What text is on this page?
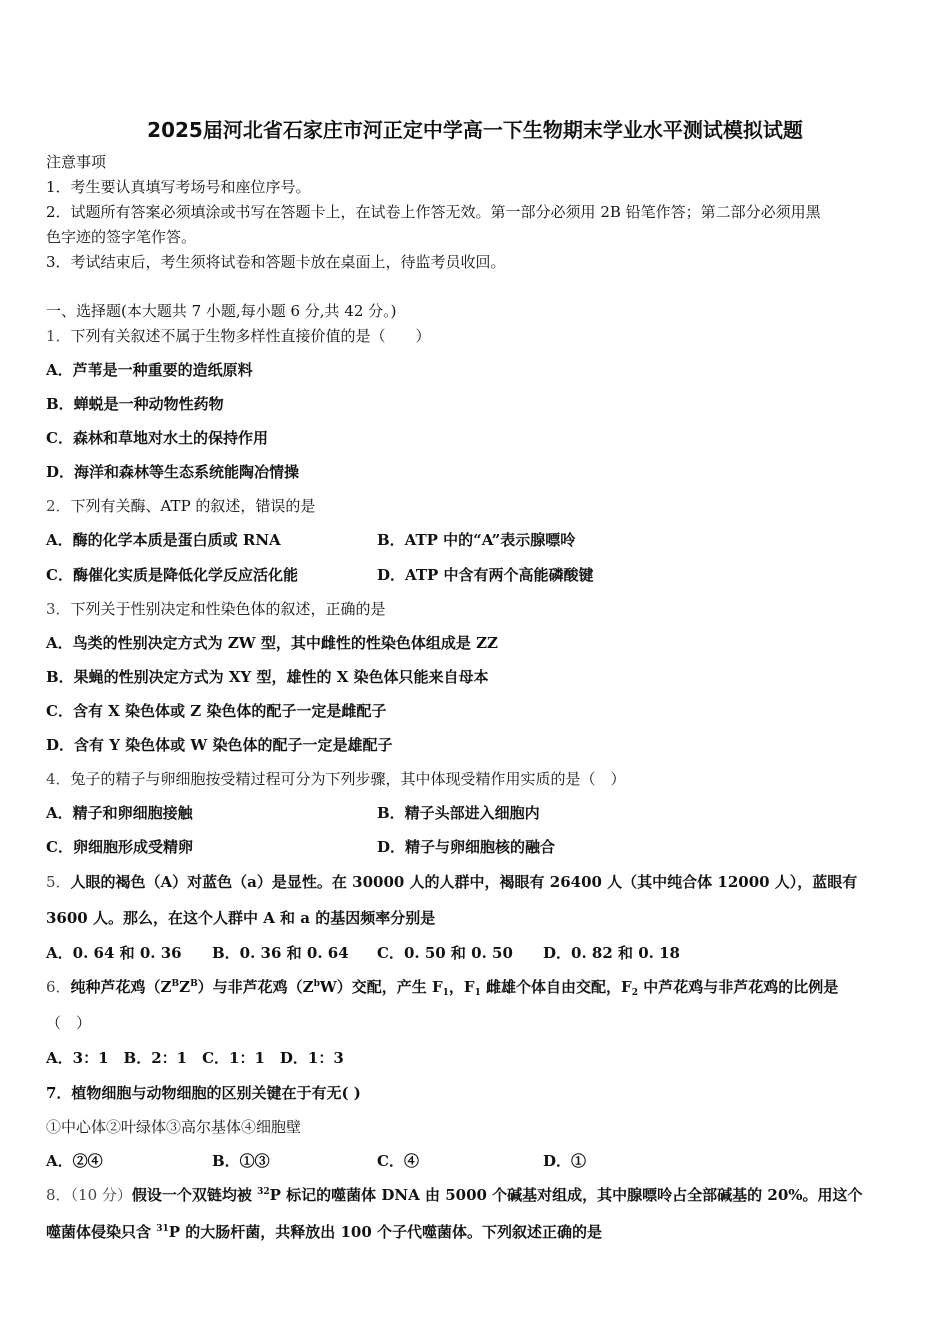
2025届河北省石家庄市河正定中学高一下生物期末学业水平测试模拟试题
注意事项
1．考生要认真填写考场号和座位序号。
2．试题所有答案必须填涂或书写在答题卡上，在试卷上作答无效。第一部分必须用 2B 铅笔作答；第二部分必须用黑
色字迹的签字笔作答。
3．考试结束后，考生须将试卷和答题卡放在桌面上，待监考员收回。
一、选择题(本大题共 7 小题,每小题 6 分,共 42 分。)
1．下列有关叙述不属于生物多样性直接价值的是（　　）
A．芦苇是一种重要的造纸原料
B．蝉蜕是一种动物性药物
C．森林和草地对水土的保持作用
D．海洋和森林等生态系统能陶冶情操
2．下列有关酶、ATP 的叙述，错误的是
A．酶的化学本质是蛋白质或 RNA	B．ATP 中的“A”表示腺嘌呤
C．酶催化实质是降低化学反应活化能	D．ATP 中含有两个高能磷酸键
3．下列关于性别决定和性染色体的叙述，正确的是
A．鸟类的性别决定方式为 ZW 型，其中雌性的性染色体组成是 ZZ
B．果蝇的性别决定方式为 XY 型，雄性的 X 染色体只能来自母本
C．含有 X 染色体或 Z 染色体的配子一定是雌配子
D．含有 Y 染色体或 W 染色体的配子一定是雄配子
4．兔子的精子与卵细胞按受精过程可分为下列步骤，其中体现受精作用实质的是（　）
A．精子和卵细胞接触	B．精子头部进入细胞内
C．卵细胞形成受精卵	D．精子与卵细胞核的融合
5．人眼的褐色（A）对蓝色（a）是显性。在 30000 人的人群中，褐眼有 26400 人（其中纯合体 12000 人），蓝眼有
3600 人。那么，在这个人群中 A 和 a 的基因频率分别是
A．0. 64 和 0. 36 B．0. 36 和 0. 64 C．0. 50 和 0. 50 D．0. 82 和 0. 18
6．纯种芦花鸡$(Z^BZ^B)$与非芦花鸡$(Z^bW)$交配，产生 $F_1$，$F_1$ 雌雄个体自由交配，$F_2$ 中芦花鸡与非芦花鸡的比例是
（　）
A．3：1　B．2：1　C．1：1　D．1：3
7．植物细胞与动物细胞的区别关键在于有无( )
①中心体②叶绿体③高尔基体④细胞壁
A．②④	B．①③	C．④	D．①
8．（10 分）假设一个双链均被 $^{32}$P 标记的噬菌体 DNA 由 5000 个碱基对组成，其中腺嘌呤占全部碱基的 20%。用这个
噬菌体侵染只含 $^{31}$P 的大肠杆菌，共释放出 100 个子代噬菌体。下列叙述正确的是
